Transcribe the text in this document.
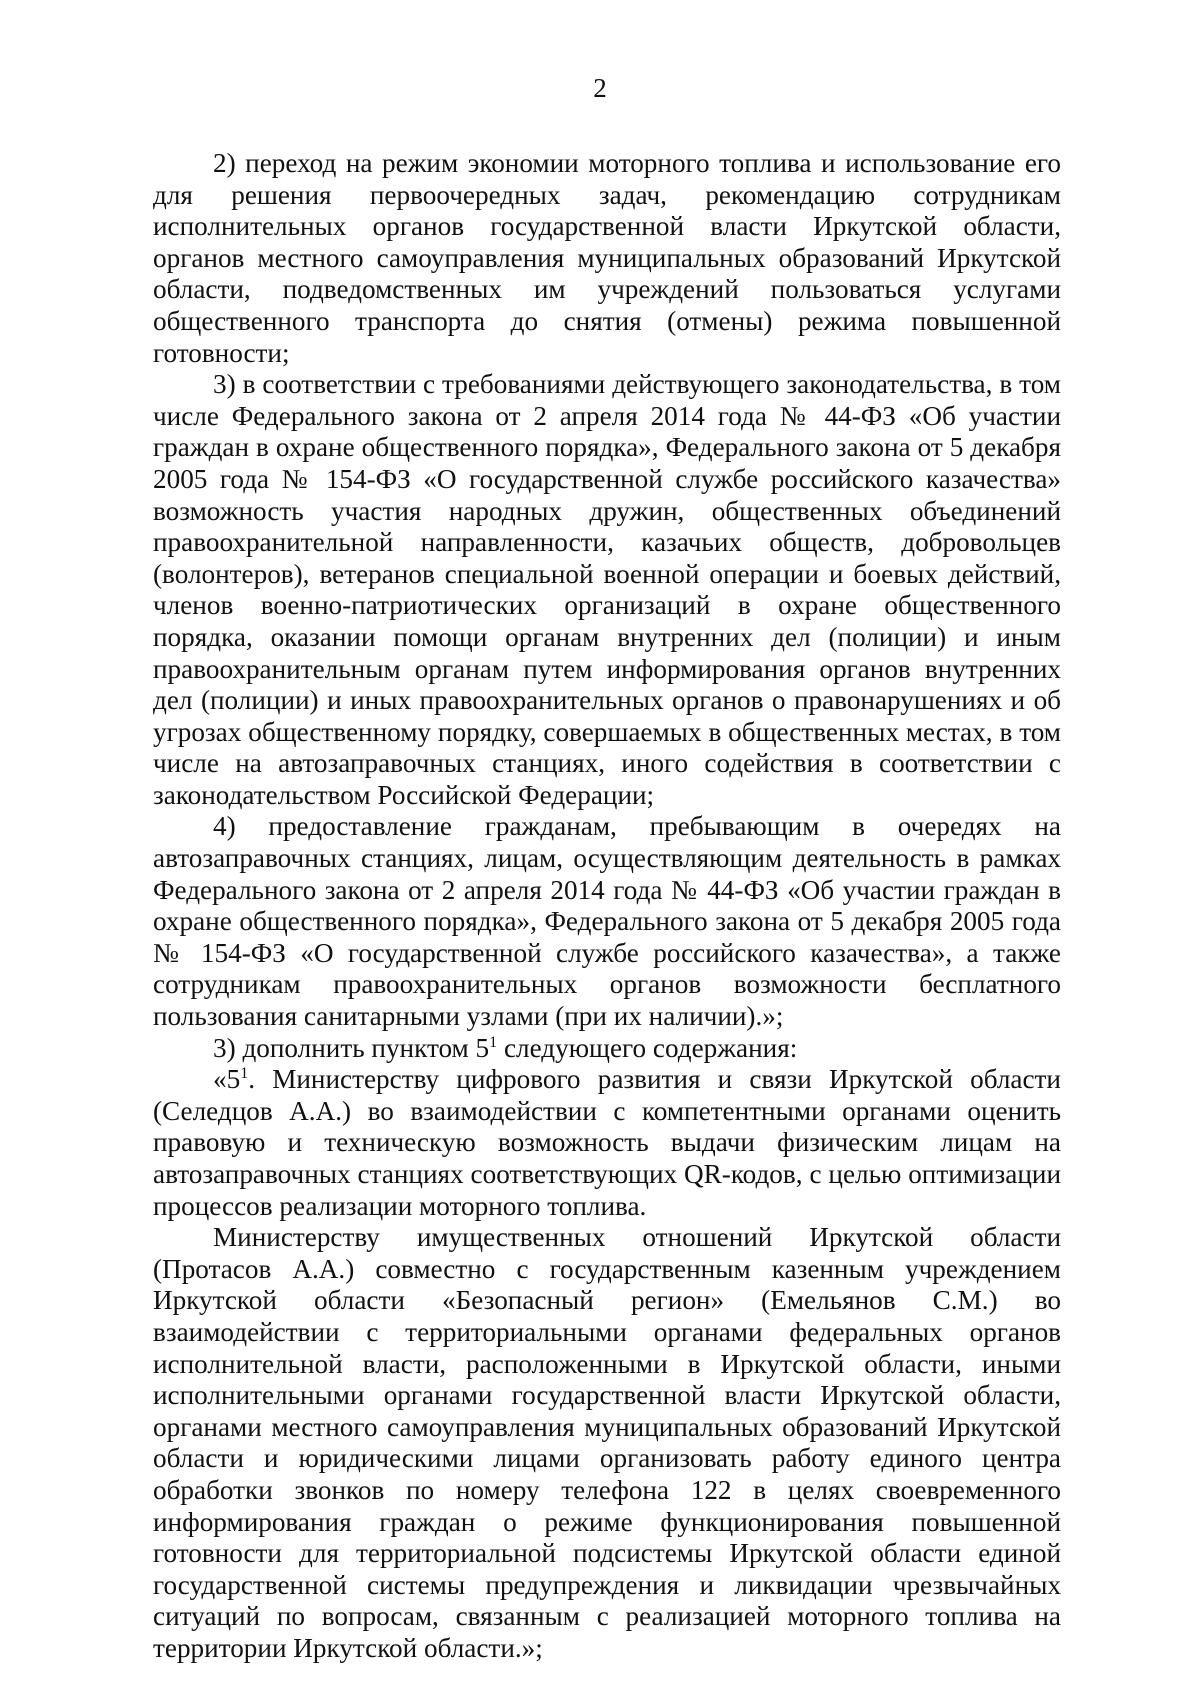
2

2) переход на режим экономии моторного топлива и использование его для решения первоочередных задач, рекомендацию сотрудникам исполнительных органов государственной власти Иркутской области, органов местного самоуправления муниципальных образований Иркутской области, подведомственных им учреждений пользоваться услугами общественного транспорта до снятия (отмены) режима повышенной готовности;

3) в соответствии с требованиями действующего законодательства, в том числе Федерального закона от 2 апреля 2014 года № 44-ФЗ «Об участии граждан в охране общественного порядка», Федерального закона от 5 декабря 2005 года № 154-ФЗ «О государственной службе российского казачества» возможность участия народных дружин, общественных объединений правоохранительной направленности, казачьих обществ, добровольцев (волонтеров), ветеранов специальной военной операции и боевых действий, членов военно-патриотических организаций в охране общественного порядка, оказании помощи органам внутренних дел (полиции) и иным правоохранительным органам путем информирования органов внутренних дел (полиции) и иных правоохранительных органов о правонарушениях и об угрозах общественному порядку, совершаемых в общественных местах, в том числе на автозаправочных станциях, иного содействия в соответствии с законодательством Российской Федерации;

4) предоставление гражданам, пребывающим в очередях на автозаправочных станциях, лицам, осуществляющим деятельность в рамках Федерального закона от 2 апреля 2014 года № 44-ФЗ «Об участии граждан в охране общественного порядка», Федерального закона от 5 декабря 2005 года № 154-ФЗ «О государственной службе российского казачества», а также сотрудникам правоохранительных органов возможности бесплатного пользования санитарными узлами (при их наличии).»;

3) дополнить пунктом $5^1$ следующего содержания:

«$5^1$. Министерству цифрового развития и связи Иркутской области (Селедцов А.А.) во взаимодействии с компетентными органами оценить правовую и техническую возможность выдачи физическим лицам на автозаправочных станциях соответствующих QR-кодов, с целью оптимизации процессов реализации моторного топлива.

Министерству имущественных отношений Иркутской области (Протасов А.А.) совместно с государственным казенным учреждением Иркутской области «Безопасный регион» (Емельянов С.М.) во взаимодействии с территориальными органами федеральных органов исполнительной власти, расположенными в Иркутской области, иными исполнительными органами государственной власти Иркутской области, органами местного самоуправления муниципальных образований Иркутской области и юридическими лицами организовать работу единого центра обработки звонков по номеру телефона 122 в целях своевременного информирования граждан о режиме функционирования повышенной готовности для территориальной подсистемы Иркутской области единой государственной системы предупреждения и ликвидации чрезвычайных ситуаций по вопросам, связанным с реализацией моторного топлива на территории Иркутской области.»;
